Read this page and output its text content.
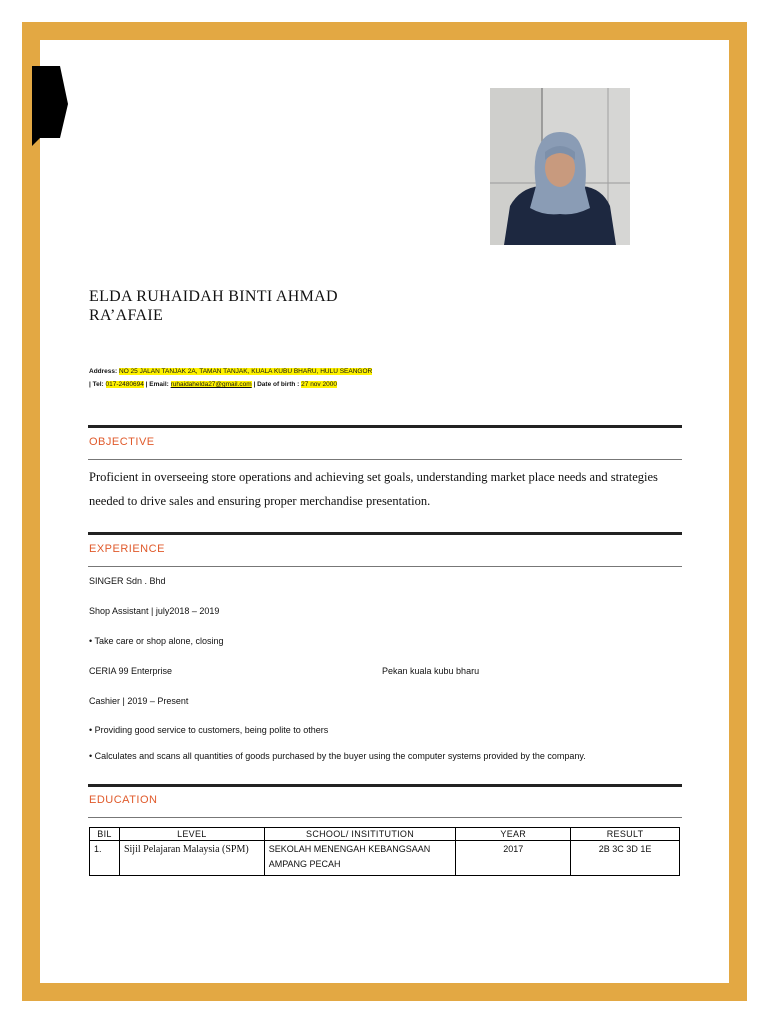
ELDA RUHAIDAH BINTI AHMAD
RA’AFAIE
Address: NO 25 JALAN TANJAK 2A, TAMAN TANJAK, KUALA KUBU BHARU, HULU SEANGOR
| Tel: 017-2480694 | Email: ruhaidahelda27@gmail.com | Date of birth : 27 nov 2000
OBJECTIVE
Proficient in overseeing store operations and achieving set goals, understanding market place needs and strategies needed to drive sales and ensuring proper merchandise presentation.
EXPERIENCE
SINGER Sdn . Bhd
Shop Assistant | july2018 – 2019
• Take care or shop alone, closing
CERIA 99 Enterprise	Pekan kuala kubu bharu
Cashier | 2019 – Present
• Providing good service to customers, being polite to others
• Calculates and scans all quantities of goods purchased by the buyer using the computer systems provided by the company.
EDUCATION
BIL	LEVEL	SCHOOL/ INSITITUTION	YEAR	RESULT
1.	Sijil Pelajaran Malaysia (SPM)	SEKOLAH MENENGAH KEBANGSAAN AMPANG PECAH	2017	2B 3C 3D 1E
